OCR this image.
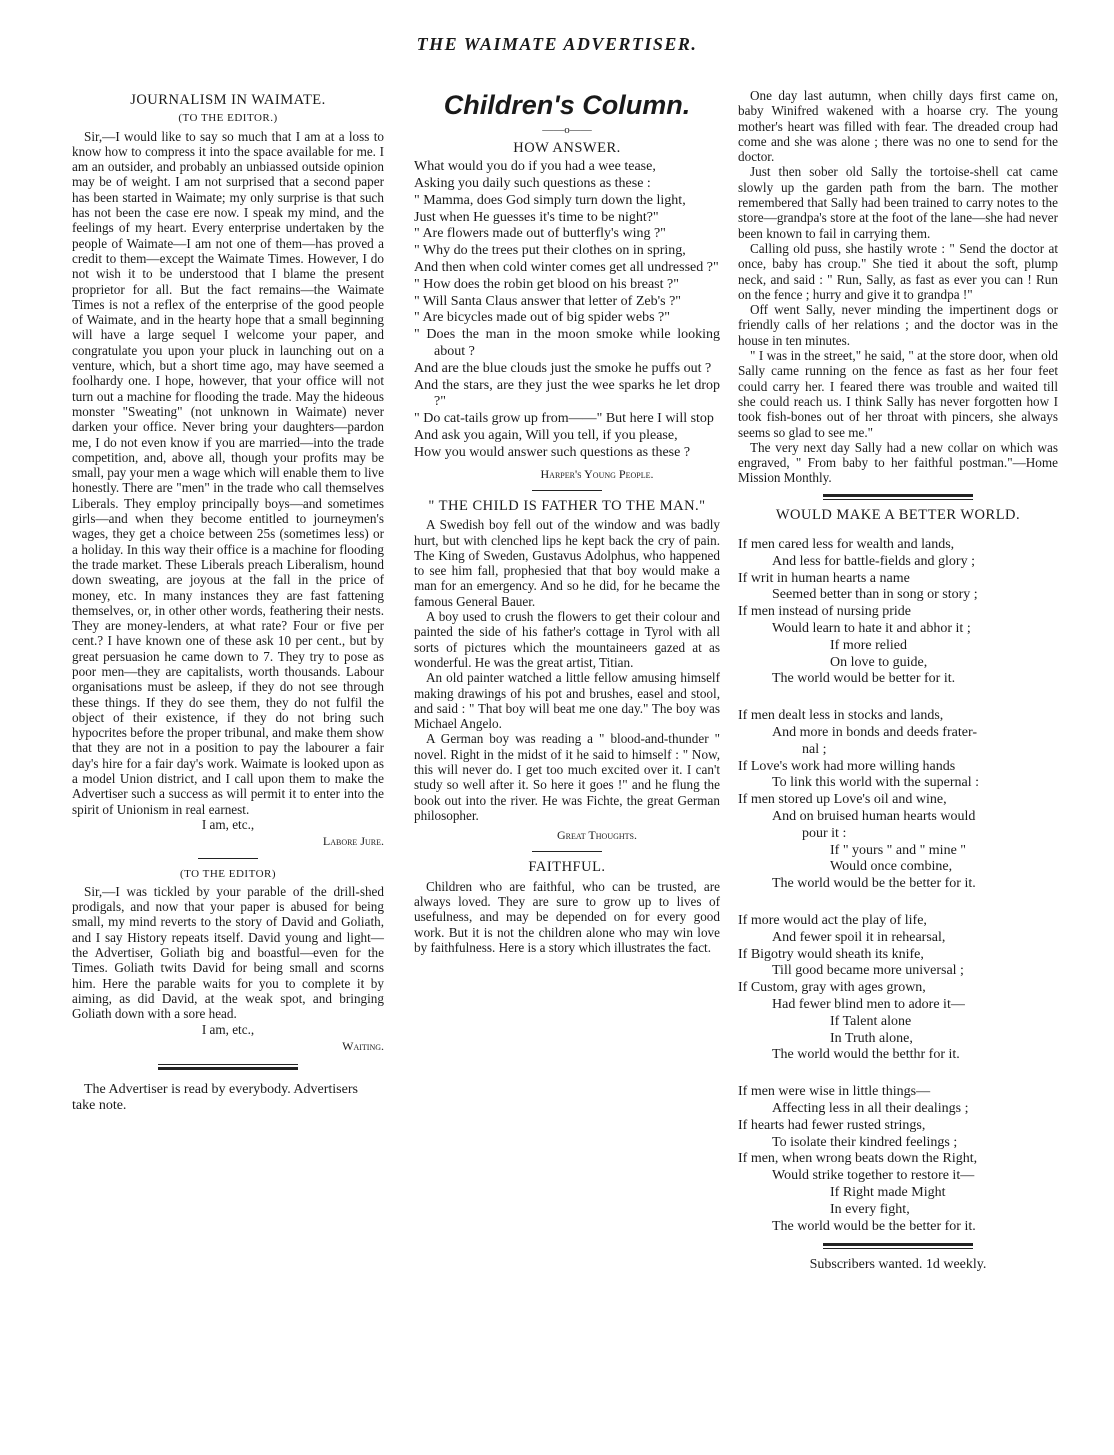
THE WAIMATE ADVERTISER.

JOURNALISM IN WAIMATE.

(TO THE EDITOR.)

Sir,—I would like to say so much that I am at a loss to know how to compress it into the space available for me. I am an outsider, and probably an unbiassed outside opinion may be of weight. I am not surprised that a second paper has been started in Waimate; my only surprise is that such has not been the case ere now. I speak my mind, and the feelings of my heart. Every enterprise undertaken by the people of Waimate—I am not one of them—has proved a credit to them—except the Waimate Times. However, I do not wish it to be understood that I blame the present proprietor for all. But the fact remains—the Waimate Times is not a reflex of the enterprise of the good people of Waimate, and in the hearty hope that a small beginning will have a large sequel I welcome your paper, and congratulate you upon your pluck in launching out on a venture, which, but a short time ago, may have seemed a foolhardy one. I hope, however, that your office will not turn out a machine for flooding the trade. May the hideous monster "Sweating" (not unknown in Waimate) never darken your office. Never bring your daughters—pardon me, I do not even know if you are married—into the trade competition, and, above all, though your profits may be small, pay your men a wage which will enable them to live honestly. There are "men" in the trade who call themselves Liberals. They employ principally boys—and sometimes girls—and when they become entitled to journeymen's wages, they get a choice between 25s (sometimes less) or a holiday. In this way their office is a machine for flooding the trade market. These Liberals preach Liberalism, hound down sweating, are joyous at the fall in the price of money, etc. In many instances they are fast fattening themselves, or, in other other words, feathering their nests. They are money-lenders, at what rate? Four or five per cent.? I have known one of these ask 10 per cent., but by great persuasion he came down to 7. They try to pose as poor men—they are capitalists, worth thousands. Labour organisations must be asleep, if they do not see through these things. If they do see them, they do not fulfil the object of their existence, if they do not bring such hypocrites before the proper tribunal, and make them show that they are not in a position to pay the labourer a fair day's hire for a fair day's work. Waimate is looked upon as a model Union district, and I call upon them to make the Advertiser such a success as will permit it to enter into the spirit of Unionism in real earnest.

I am, etc.,

Labore Jure.

(TO THE EDITOR)

Sir,—I was tickled by your parable of the drill-shed prodigals, and now that your paper is abused for being small, my mind reverts to the story of David and Goliath, and I say History repeats itself. David young and light—the Advertiser, Goliath big and boastful—even for the Times. Goliath twits David for being small and scorns him. Here the parable waits for you to complete it by aiming, as did David, at the weak spot, and bringing Goliath down with a sore head.

I am, etc.,

Waiting.

The Advertiser is read by everybody. Advertisers take note.

Children's Column.

——o——

HOW ANSWER.

What would you do if you had a wee tease,
Asking you daily such questions as these :
" Mamma, does God simply turn down the light,
Just when He guesses it's time to be night?"
" Are flowers made out of butterfly's wing ?"
" Why do the trees put their clothes on in spring,
And then when cold winter comes get all undressed ?"
" How does the robin get blood on his breast ?"
" Will Santa Claus answer that letter of Zeb's ?"
" Are bicycles made out of big spider webs ?"
" Does the man in the moon smoke while looking about ?
And are the blue clouds just the smoke he puffs out ?
And the stars, are they just the wee sparks he let drop ?"
" Do cat-tails grow up from——" But here I will stop
And ask you again, Will you tell, if you please,
How you would answer such questions as these ?

Harper's Young People.

" THE CHILD IS FATHER TO THE MAN."

A Swedish boy fell out of the window and was badly hurt, but with clenched lips he kept back the cry of pain. The King of Sweden, Gustavus Adolphus, who happened to see him fall, prophesied that that boy would make a man for an emergency. And so he did, for he became the famous General Bauer.

A boy used to crush the flowers to get their colour and painted the side of his father's cottage in Tyrol with all sorts of pictures which the mountaineers gazed at as wonderful. He was the great artist, Titian.

An old painter watched a little fellow amusing himself making drawings of his pot and brushes, easel and stool, and said : " That boy will beat me one day." The boy was Michael Angelo.

A German boy was reading a " blood-and-thunder " novel. Right in the midst of it he said to himself : " Now, this will never do. I get too much excited over it. I can't study so well after it. So here it goes !" and he flung the book out into the river. He was Fichte, the great German philosopher.

Great Thoughts.

FAITHFUL.

Children who are faithful, who can be trusted, are always loved. They are sure to grow up to lives of usefulness, and may be depended on for every good work. But it is not the children alone who may win love by faithfulness. Here is a story which illustrates the fact.

One day last autumn, when chilly days first came on, baby Winifred wakened with a hoarse cry. The young mother's heart was filled with fear. The dreaded croup had come and she was alone ; there was no one to send for the doctor.

Just then sober old Sally the tortoise-shell cat came slowly up the garden path from the barn. The mother remembered that Sally had been trained to carry notes to the store—grandpa's store at the foot of the lane—she had never been known to fail in carrying them.

Calling old puss, she hastily wrote : " Send the doctor at once, baby has croup." She tied it about the soft, plump neck, and said : " Run, Sally, as fast as ever you can ! Run on the fence ; hurry and give it to grandpa !"

Off went Sally, never minding the impertinent dogs or friendly calls of her relations ; and the doctor was in the house in ten minutes.

" I was in the street," he said, " at the store door, when old Sally came running on the fence as fast as her four feet could carry her. I feared there was trouble and waited till she could reach us. I think Sally has never forgotten how I took fish-bones out of her throat with pincers, she always seems so glad to see me."

The very next day Sally had a new collar on which was engraved, " From baby to her faithful postman."—Home Mission Monthly.

WOULD MAKE A BETTER WORLD.

If men cared less for wealth and lands,
And less for battle-fields and glory ;
If writ in human hearts a name
Seemed better than in song or story ;
If men instead of nursing pride
Would learn to hate it and abhor it ;
If more relied
On love to guide,
The world would be better for it.
If men dealt less in stocks and lands,
And more in bonds and deeds frater-
nal ;
If Love's work had more willing hands
To link this world with the supernal :
If men stored up Love's oil and wine,
And on bruised human hearts would
pour it :
If " yours " and " mine "
Would once combine,
The world would be the better for it.
If more would act the play of life,
And fewer spoil it in rehearsal,
If Bigotry would sheath its knife,
Till good became more universal ;
If Custom, gray with ages grown,
Had fewer blind men to adore it—
If Talent alone
In Truth alone,
The world would the betthr for it.
If men were wise in little things—
Affecting less in all their dealings ;
If hearts had fewer rusted strings,
To isolate their kindred feelings ;
If men, when wrong beats down the Right,
Would strike together to restore it—
If Right made Might
In every fight,
The world would be the better for it.

Subscribers wanted. 1d weekly.
